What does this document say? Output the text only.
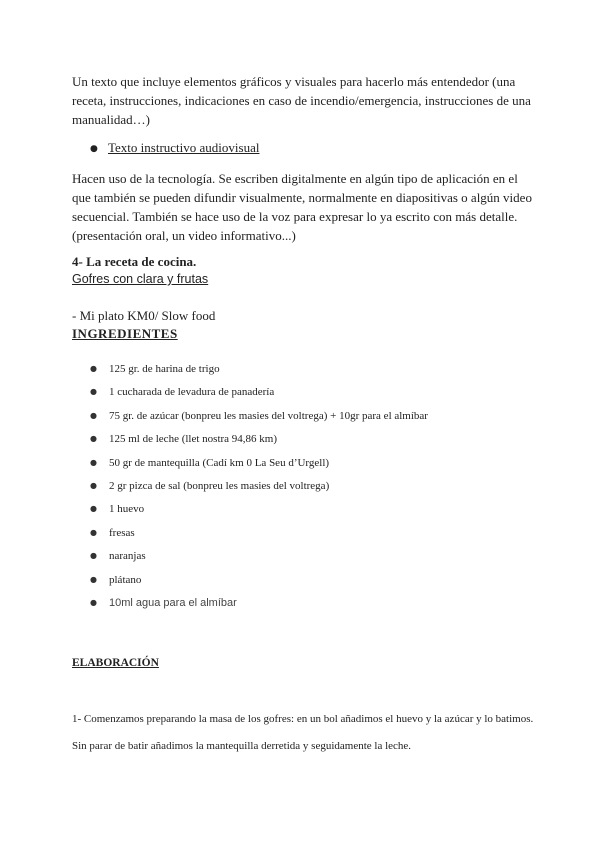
Un texto que incluye elementos gráficos y visuales para hacerlo más entendedor (una receta, instrucciones, indicaciones en caso de incendio/emergencia, instrucciones de una manualidad…)

● Texto instructivo audiovisual

Hacen uso de la tecnología. Se escriben digitalmente en algún tipo de aplicación en el que también se pueden difundir visualmente, normalmente en diapositivas o algún video secuencial. También se hace uso de la voz para expresar lo ya escrito con más detalle. (presentación oral, un video informativo...)

4- La receta de cocina.

Gofres con clara y frutas

- Mi plato KM0/ Slow food

INGREDIENTES

● 125 gr. de harina de trigo
● 1 cucharada de levadura de panadería
● 75 gr. de azúcar (bonpreu les masies del voltrega) + 10gr para el almíbar
● 125 ml de leche (llet nostra 94,86 km)
● 50 gr de mantequilla (Cadí km 0 La Seu d’Urgell)
● 2 gr pizca de sal (bonpreu les masies del voltrega)
● 1 huevo
● fresas
● naranjas
● plátano
● 10ml agua para el almíbar

ELABORACIÓN

1- Comenzamos preparando la masa de los gofres: en un bol añadimos el huevo y la azúcar y lo batimos. Sin parar de batir añadimos la mantequilla derretida y seguidamente la leche.
